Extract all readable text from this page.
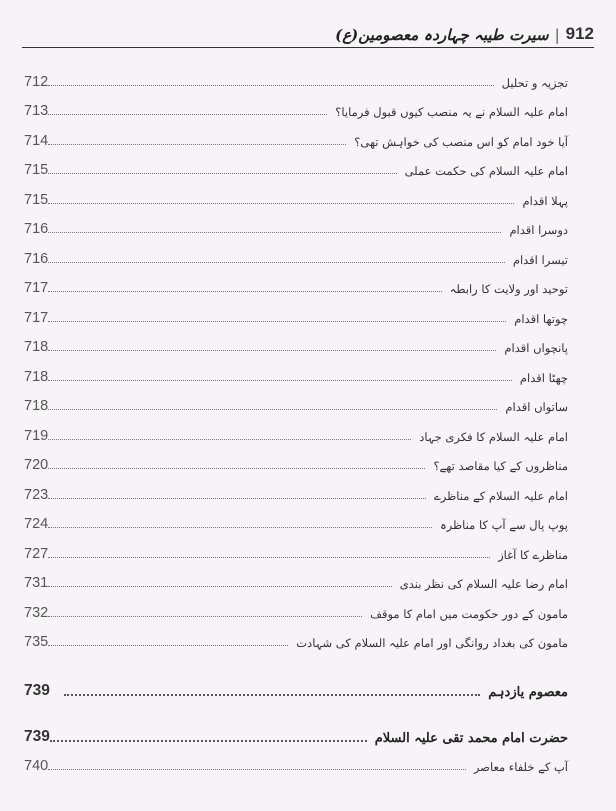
سیرت طیبہ چہاردہ معصومین(ع) | 912
712	تجزیہ و تحلیل
713	امام علیہ السلام نے یہ منصب کیوں قبول فرمایا؟
714	آیا خود امام کو اس منصب کی خواہش تھی؟
715	امام علیہ السلام کی حکمت عملی
715	پہلا اقدام
716	دوسرا اقدام
716	تیسرا اقدام
717	توحید اور ولایت کا رابطہ
717	چوتھا اقدام
718	پانچواں اقدام
718	چھٹا اقدام
718	ساتواں اقدام
719	امام علیہ السلام کا فکری جہاد
720	مناظروں کے کیا مقاصد تھے؟
723	امام علیہ السلام کے مناظرے
724	پوپ پال سے آپ کا مناظرہ
727	مناظرے کا آغاز
731	امام رضا علیہ السلام کی نظر بندی
732	مامون کے دور حکومت میں امام کا موقف
735	مامون کی بغداد روانگی اور امام علیہ السلام کی شہادت
739	معصوم یازدہم
739	حضرت امام محمد تقی علیہ السلام
740	آپ کے خلفاء معاصر
